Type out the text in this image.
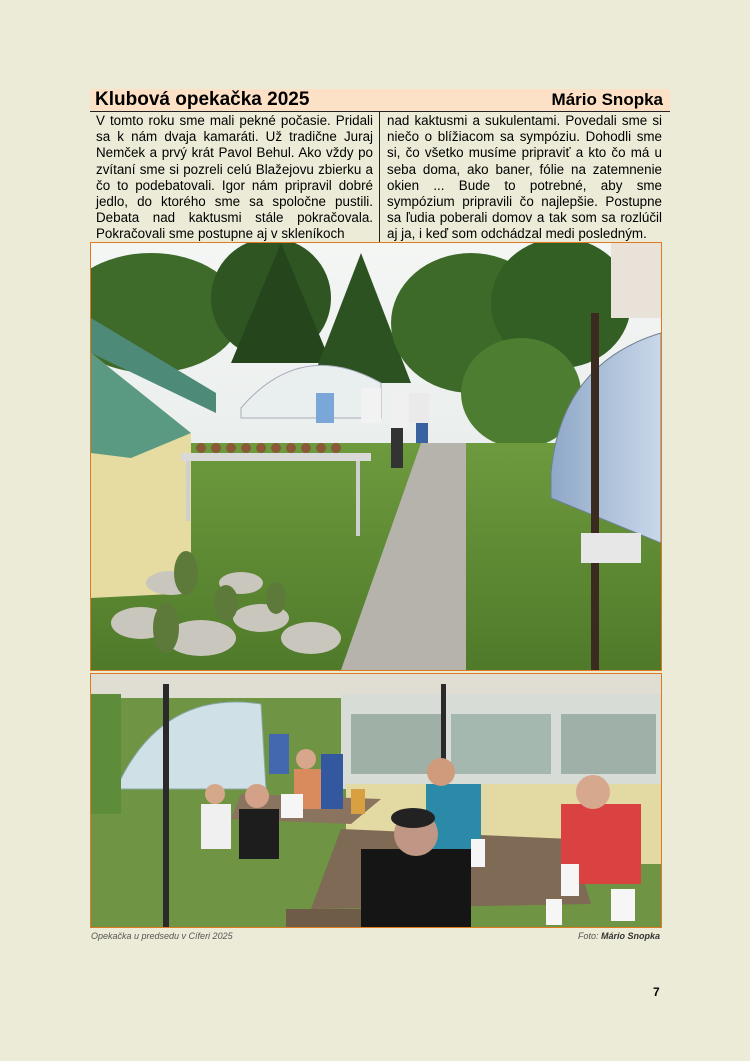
Klubová opekačka 2025	Mário Snopka
V tomto roku sme mali pekné počasie. Pridali sa k nám dvaja kamaráti. Už tradične Juraj Nemček a prvý krát Pavol Behul. Ako vždy po zvítaní sme si pozreli celú Blažejovu zbierku a čo to podebatovali. Igor nám pripravil dobré jedlo, do ktorého sme sa spoločne pustili. Debata nad kaktusmi stále pokračovala. Pokračovali sme postupne aj v skleníkoch
nad kaktusmi a sukulentami. Povedali sme si niečo o blížiacom sa sympóziu. Dohodli sme si, čo všetko musíme pripraviť a kto čo má u seba doma, ako baner, fólie na zatemnenie okien ... Bude to potrebné, aby sme sympózium pripravili čo najlepšie. Postupne sa ľudia poberali domov a tak som sa rozlúčil aj ja, i keď som odchádzal medi posledným.
Opekačka u predsedu v Cíferi 2025	Foto: Mário Snopka
7
